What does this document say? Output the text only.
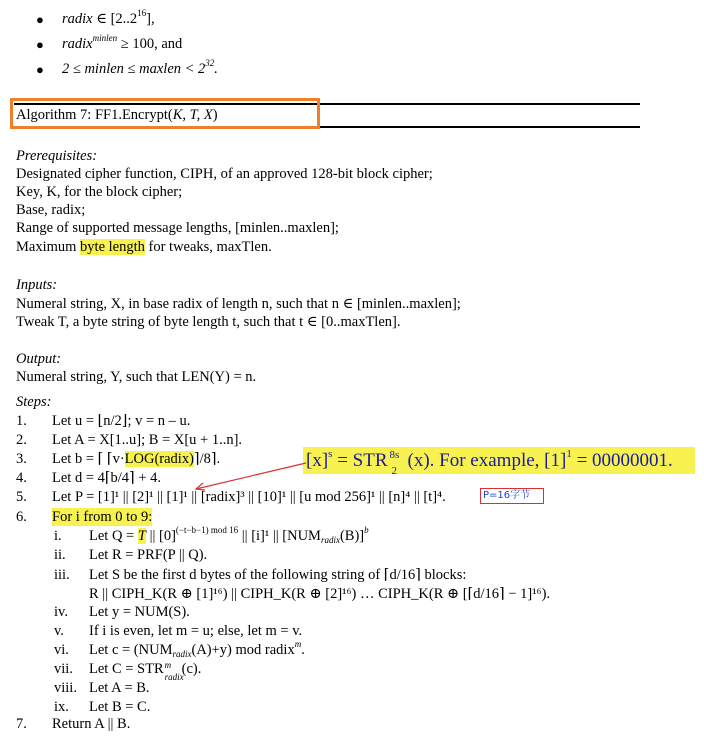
● radix ∈ [2..2$^{16}$],
● radix$^{minlen}$ ≥ 100, and
● 2 ≤ minlen ≤ maxlen < $2^{32}$.
Algorithm 7: FF1.Encrypt(K, T, X)
Prerequisites:
Designated cipher function, CIPH, of an approved 128-bit block cipher;
Key, K, for the block cipher;
Base, radix;
Range of supported message lengths, [minlen..maxlen];
Maximum byte length for tweaks, maxTlen.
Inputs:
Numeral string, X, in base radix of length n, such that n ∈ [minlen..maxlen];
Tweak T, a byte string of byte length t, such that t ∈ [0..maxTlen].
Output:
Numeral string, Y, such that LEN(Y) = n.
Steps:
1. Let u = ⌊n/2⌋; v = n – u.
2. Let A = X[1..u]; B = X[u + 1..n].
3. Let b = ⌈ ⌈v·LOG(radix)⌉/8⌉.
4. Let d = 4⌈b/4⌉ + 4.
5. Let P = [1]¹ || [2]¹ || [1]¹ || [radix]³ || [10]¹ || [u mod 256]¹ || [n]⁴ || [t]⁴.
6. For i from 0 to 9:
i. Let Q = T || $[0]^{(-t-b-1) mod 16}$ || [i]¹ || $[NUM_{radix}(B)]^b$
ii. Let R = PRF(P || Q).
iii. Let S be the first d bytes of the following string of ⌈d/16⌉ blocks:
R || CIPH_K(R ⊕ [1]¹⁶) || CIPH_K(R ⊕ [2]¹⁶) … CIPH_K(R ⊕ [⌈d/16⌉ − 1]¹⁶).
iv. Let y = NUM(S).
v. If i is even, let m = u; else, let m = v.
vi. Let $c = (NUM_{radix}(A)+y)$ mod radix$^m$.
vii. Let C = STR m
radix
(c).
viii. Let A = B.
ix. Let B = C.
7. Return A || B.
$[x]^s$ = STR 8s
2 (x). For example, $[1]^1 = 00000001$.
P=16字节
